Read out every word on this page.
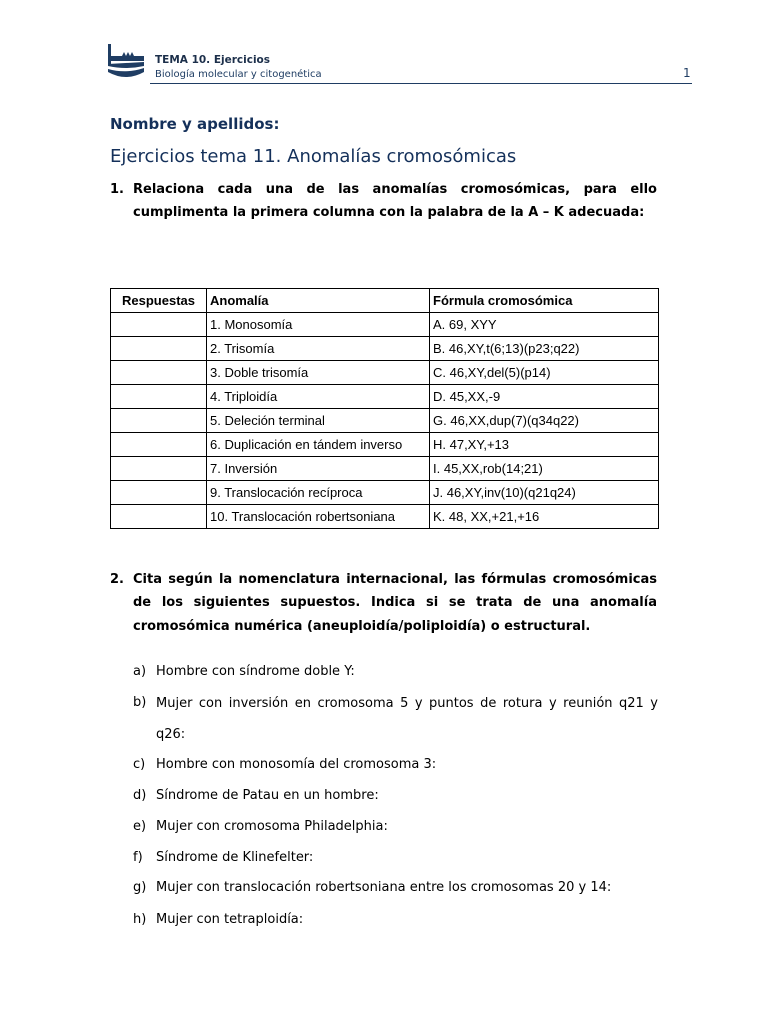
TEMA 10. Ejercicios
Biología molecular y citogenética	1
Nombre y apellidos:
Ejercicios tema 11. Anomalías cromosómicas
1. Relaciona cada una de las anomalías cromosómicas, para ello cumplimenta la primera columna con la palabra de la A – K adecuada:
Respuestas	Anomalía	Fórmula cromosómica
	1. Monosomía	A. 69, XYY
	2. Trisomía	B. 46,XY,t(6;13)(p23;q22)
	3. Doble trisomía	C. 46,XY,del(5)(p14)
	4. Triploidía	D. 45,XX,-9
	5. Deleción terminal	G. 46,XX,dup(7)(q34q22)
	6. Duplicación en tándem inverso	H. 47,XY,+13
	7. Inversión	I. 45,XX,rob(14;21)
	9. Translocación recíproca	J. 46,XY,inv(10)(q21q24)
	10. Translocación robertsoniana	K. 48, XX,+21,+16
2. Cita según la nomenclatura internacional, las fórmulas cromosómicas de los siguientes supuestos. Indica si se trata de una anomalía cromosómica numérica (aneuploidía/poliploidía) o estructural.
a) Hombre con síndrome doble Y:
b) Mujer con inversión en cromosoma 5 y puntos de rotura y reunión q21 y q26:
c) Hombre con monosomía del cromosoma 3:
d) Síndrome de Patau en un hombre:
e) Mujer con cromosoma Philadelphia:
f) Síndrome de Klinefelter:
g) Mujer con translocación robertsoniana entre los cromosomas 20 y 14:
h) Mujer con tetraploidía:
